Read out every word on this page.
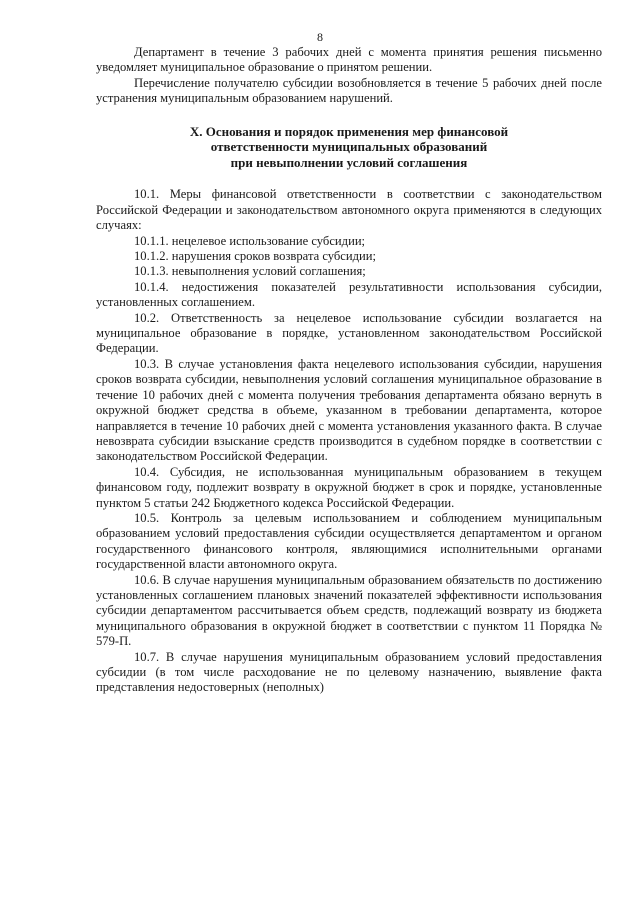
8

Департамент в течение 3 рабочих дней с момента принятия решения письменно уведомляет муниципальное образование о принятом решении.

Перечисление получателю субсидии возобновляется в течение 5 рабочих дней после устранения муниципальным образованием нарушений.

X. Основания и порядок применения мер финансовой
ответственности муниципальных образований
при невыполнении условий соглашения

10.1. Меры финансовой ответственности в соответствии с законодательством Российской Федерации и законодательством автономного округа применяются в следующих случаях:

10.1.1. нецелевое использование субсидии;

10.1.2. нарушения сроков возврата субсидии;

10.1.3. невыполнения условий соглашения;

10.1.4. недостижения показателей результативности использования субсидии, установленных соглашением.

10.2. Ответственность за нецелевое использование субсидии возлагается на муниципальное образование в порядке, установленном законодательством Российской Федерации.

10.3. В случае установления факта нецелевого использования субсидии, нарушения сроков возврата субсидии, невыполнения условий соглашения муниципальное образование в течение 10 рабочих дней с момента получения требования департамента обязано вернуть в окружной бюджет средства в объеме, указанном в требовании департамента, которое направляется в течение 10 рабочих дней с момента установления указанного факта. В случае невозврата субсидии взыскание средств производится в судебном порядке в соответствии с законодательством Российской Федерации.

10.4. Субсидия, не использованная муниципальным образованием в текущем финансовом году, подлежит возврату в окружной бюджет в срок и порядке, установленные пунктом 5 статьи 242 Бюджетного кодекса Российской Федерации.

10.5. Контроль за целевым использованием и соблюдением муниципальным образованием условий предоставления субсидии осуществляется департаментом и органом государственного финансового контроля, являющимися исполнительными органами государственной власти автономного округа.

10.6. В случае нарушения муниципальным образованием обязательств по достижению установленных соглашением плановых значений показателей эффективности использования субсидии департаментом рассчитывается объем средств, подлежащий возврату из бюджета муниципального образования в окружной бюджет в соответствии с пунктом 11 Порядка № 579-П.

10.7. В случае нарушения муниципальным образованием условий предоставления субсидии (в том числе расходование не по целевому назначению, выявление факта представления недостоверных (неполных)
